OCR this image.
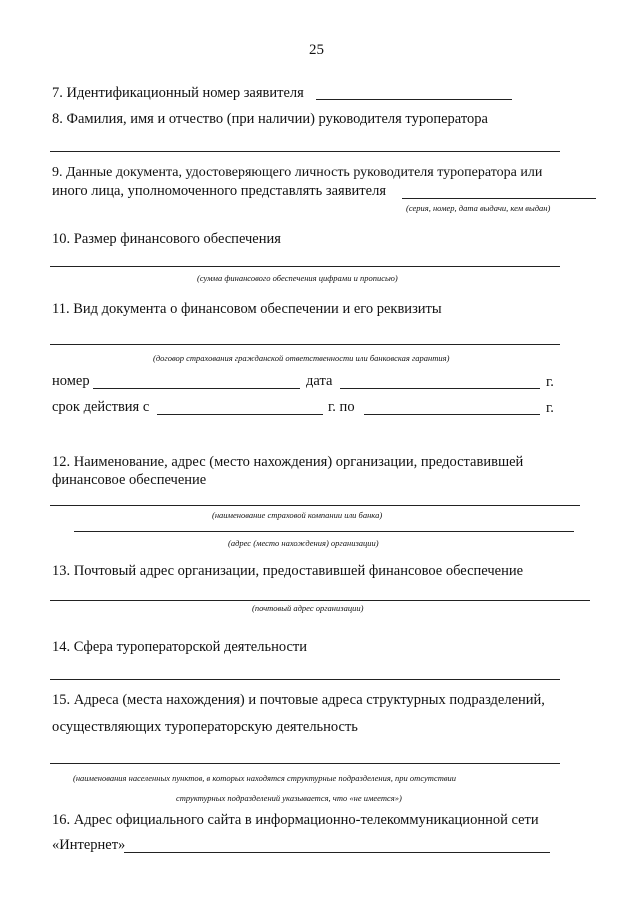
25
7. Идентификационный номер заявителя
8. Фамилия, имя и отчество (при наличии) руководителя туроператора
9. Данные документа, удостоверяющего личность руководителя туроператора или
иного лица, уполномоченного представлять заявителя
(серия, номер, дата выдачи, кем выдан)
10. Размер финансового обеспечения
(сумма финансового обеспечения цифрами и прописью)
11. Вид документа о финансовом обеспечении и его реквизиты
(договор страхования гражданской ответственности или банковская гарантия)
номер	дата	г.
срок действия с	г. по	г.
12. Наименование, адрес (место нахождения) организации, предоставившей
финансовое обеспечение
(наименование страховой компании или банка)
(адрес (место нахождения) организации)
13. Почтовый адрес организации, предоставившей финансовое обеспечение
(почтовый адрес организации)
14. Сфера туроператорской деятельности
15. Адреса (места нахождения) и почтовые адреса структурных подразделений,
осуществляющих туроператорскую деятельность
(наименования населенных пунктов, в которых находятся структурные подразделения, при отсутствии
структурных подразделений указывается, что «не имеется»)
16. Адрес официального сайта в информационно-телекоммуникационной сети
«Интернет»
